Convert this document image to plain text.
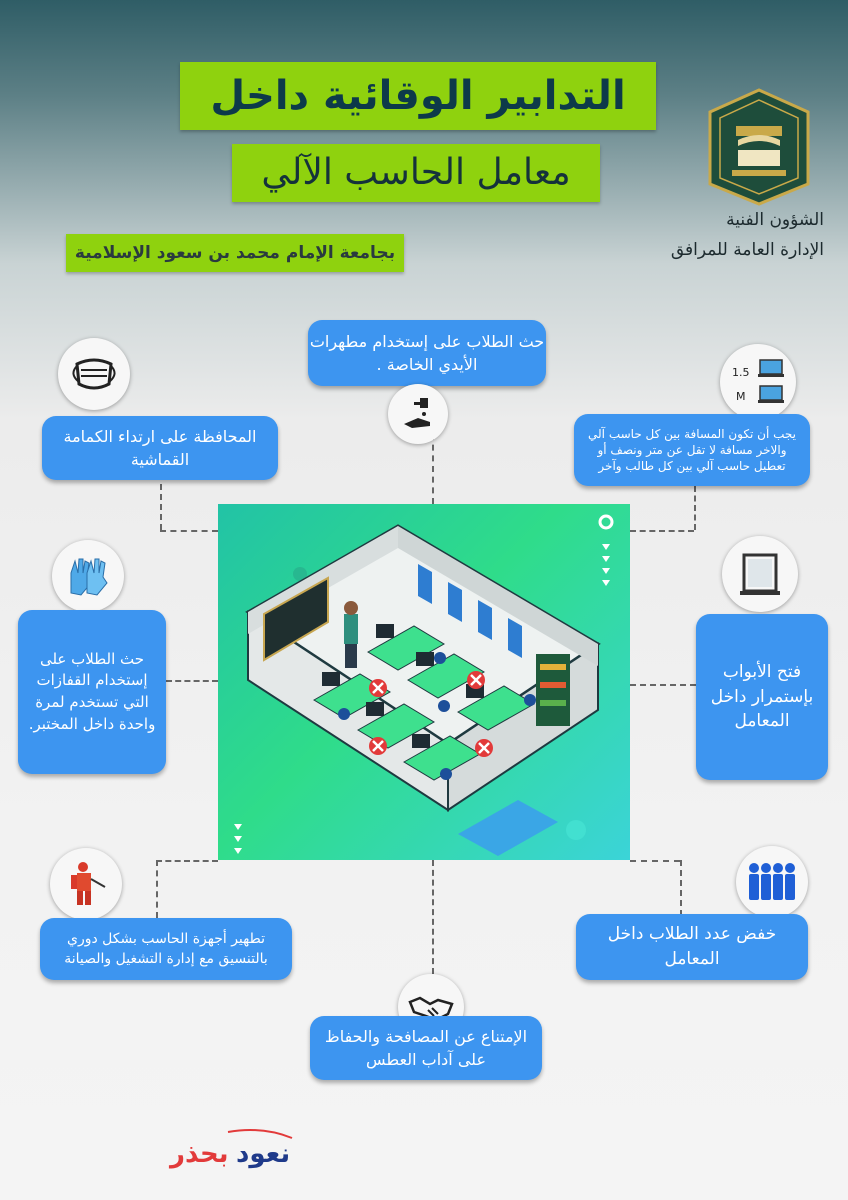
التدابير الوقائية داخل
معامل الحاسب الآلي
بجامعة الإمام محمد بن سعود الإسلامية
الشؤون الفنية
الإدارة العامة للمرافق
حث الطلاب على إستخدام مطهرات الأيدي الخاصة .
المحافظة على ارتداء الكمامة القماشية
1.5
M
يجب أن تكون المسافة بين كل حاسب آلي والاخر مسافة لا تقل عن متر ونصف أو تعطيل حاسب آلي بين كل طالب وآخر
حث الطلاب على إستخدام القفازات التي تستخدم لمرة واحدة داخل المختبر.
فتح الأبواب بإستمرار داخل المعامل
تطهير أجهزة الحاسب بشكل دوري بالتنسيق مع إدارة التشغيل والصيانة
خفض عدد الطلاب داخل المعامل
الإمتناع عن المصافحة والحفاظ على آداب العطس
بحذر نعود
